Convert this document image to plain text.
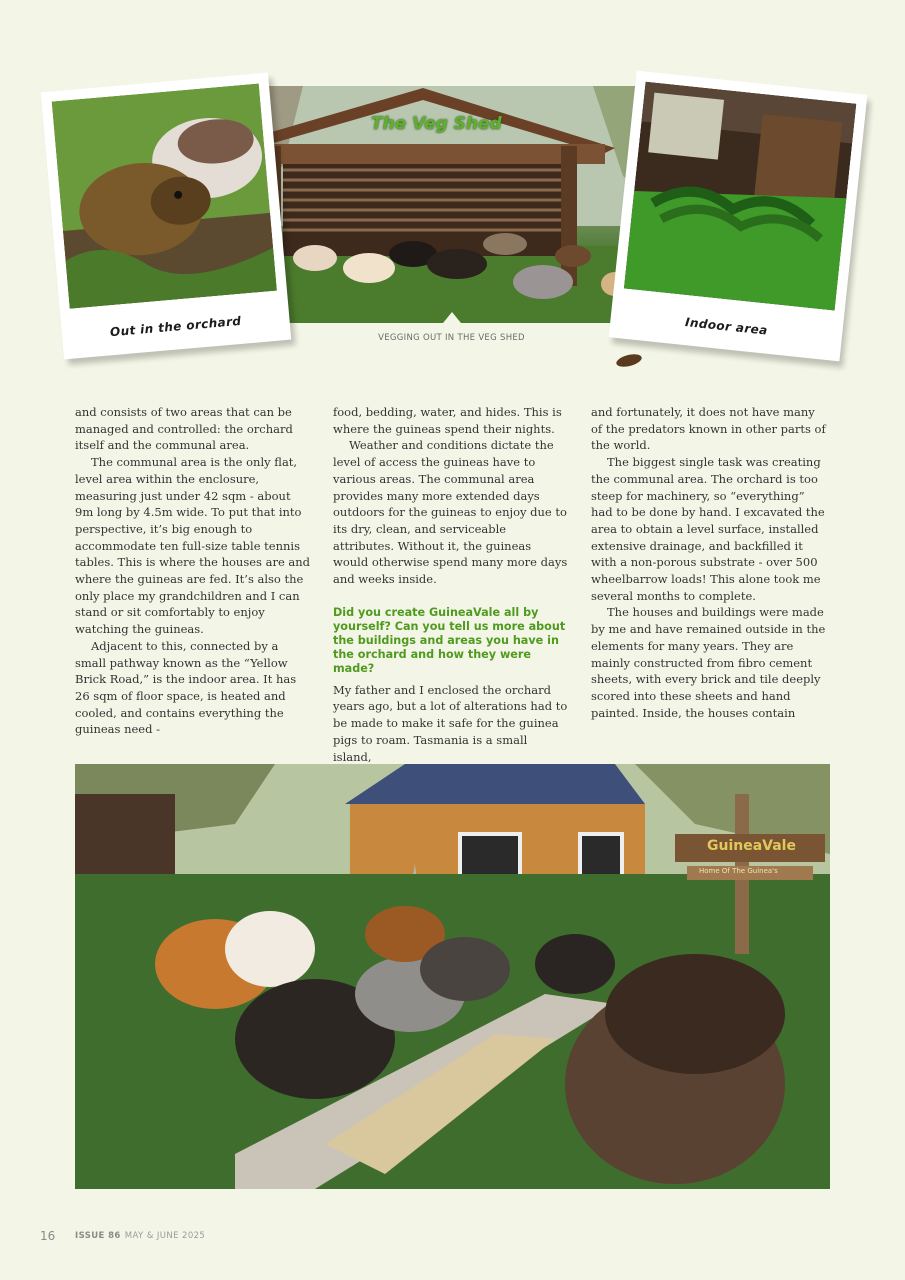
The Veg Shed
VEGGING OUT IN THE VEG SHED
Out in the orchard	Indoor area

and consists of two areas that can be managed and controlled: the orchard itself and the communal area.

The communal area is the only flat, level area within the enclosure, measuring just under 42 sqm - about 9m long by 4.5m wide. To put that into perspective, it’s big enough to accommodate ten full-size table tennis tables. This is where the houses are and where the guineas are fed. It’s also the only place my grandchildren and I can stand or sit comfortably to enjoy watching the guineas.

Adjacent to this, connected by a small pathway known as the “Yellow Brick Road,” is the indoor area. It has 26 sqm of floor space, is heated and cooled, and contains everything the guineas need -

food, bedding, water, and hides. This is where the guineas spend their nights.

Weather and conditions dictate the level of access the guineas have to various areas. The communal area provides many more extended days outdoors for the guineas to enjoy due to its dry, clean, and serviceable attributes. Without it, the guineas would otherwise spend many more days and weeks inside.

Did you create GuineaVale all by yourself? Can you tell us more about the buildings and areas you have in the orchard and how they were made?

My father and I enclosed the orchard years ago, but a lot of alterations had to be made to make it safe for the guinea pigs to roam. Tasmania is a small island,

and fortunately, it does not have many of the predators known in other parts of the world.

The biggest single task was creating the communal area. The orchard is too steep for machinery, so “everything” had to be done by hand. I excavated the area to obtain a level surface, installed extensive drainage, and backfilled it with a non-porous substrate - over 500 wheelbarrow loads! This alone took me several months to complete.

The houses and buildings were made by me and have remained outside in the elements for many years. They are mainly constructed from fibro cement sheets, with every brick and tile deeply scored into these sheets and hand painted. Inside, the houses contain

GuineaVale
Home Of The Guinea's
16 ISSUE 86 MAY & JUNE 2025
